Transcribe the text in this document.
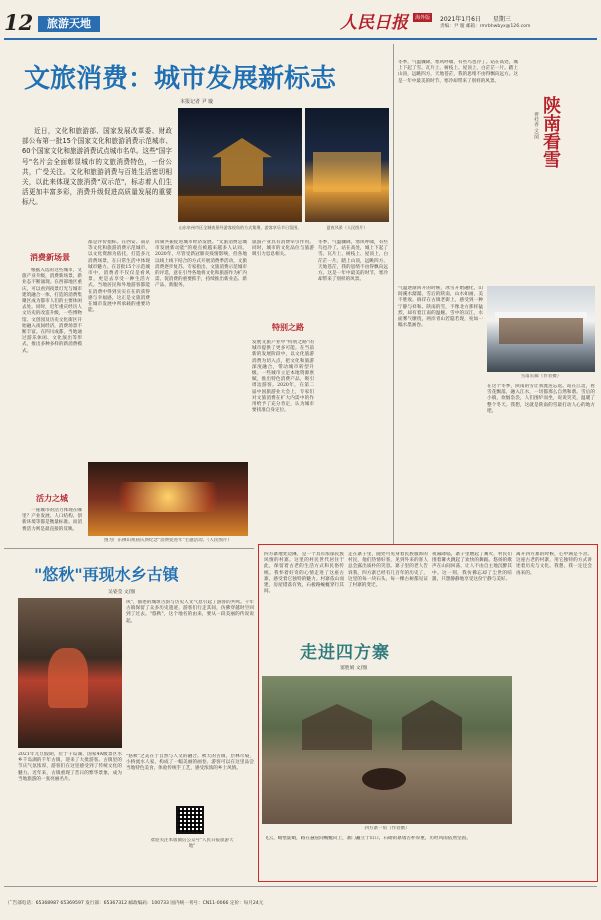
12	旅游天地	人民日报 海外版	2021年1月6日 星期三
责编：尹 璇 邮箱：rmrbhwbyx@126.com
文旅消费：城市发展新标志
本报记者 尹 璇
近日，文化和旅游部、国家发展改革委、财政部公布第一批15个国家文化和旅游消费示范城市、60个国家文化和旅游消费试点城市名单。这些"国字号"名片会全面彰显城市的文旅消费特色，一份公共，广受关注。文化和旅游消费与百姓生活密切相关，以此来体现文旅消费"双示范"，标志着人们生活更加丰富多彩，消费升级促进高质量发展的重要标尺。
山东泉州市区全城夜景经游客视角的方式集聚，游客享乐节日氛围。	夏夜风景（人民图片）
消费新场景
根据入选的这些城市，文旅产业升级，消费新场景、新业态不断涌现。在西部地区重庆，可以看到夜景灯光与城市建筑融合一体，打造的消费集聚区成为都市人们的主要休闲去处。同时，近年重庆经历人文历史的改造升级，一些博物馆、文创园及历史文化街区开始融入夜间经济，消费场景不断丰富。在四川成都，当地通过游乐休闲、文化演出等形式，推出多种多样的新消费模式。
活力之城
一座城市的活力体现在哪里？产业发展、人口结构、创新环境等都是衡量标准。而消费活力则是最直接的反映。
都是评价指标。在西安、南京等文化和旅游消费示范城市，以文化资源为依托，打造多元消费场景，在日常生活中体现城市魅力。在首批15个示范城市中，消费者不仅仅是看风景，更是去享受一种生活方式。当地居民和外地游客都能在消费中得到实实在在的获得感与幸福感，这正是文旅消费在城市发展中所承载的重要功能。
同频共振促进城市经济发展。"文旅消费是城市发展新动能"的观点被越来越多人认同。2020年，尽管受新冠肺炎疫情影响，但各地以线上线下结合的方式开展消费季活动，文旅消费逐步复苏。专家指出，文旅消费示范城市的评选，意在引导各地将文化和旅游作为扩内需、促消费的重要抓手，持续推出新业态、新产品、新服务。
图为广东佛山祖庙庆典纪念"消费促进年"主题活动。（人民图片）
旅游产业具有消费牵引作用。同时，城市的文化品位与旅游吸引力息息相关。
特别之路
发展文旅产业中"特别之路"的城市提供了更多可能。在当前新的发展阶段中，以文化旅游消费为切入点，把文化和旅游深度融合，带动城市转型升级。一些城市立足本地资源禀赋，推出特色消费产品，吸引周边游客。2020年，在第二届中国旅游业大会上，专家们对文旅消费在扩大内需中的作用给予了充分肯定，认为城市要找准自身定位。
冬季，气温骤降，寒风呼啸，有些鸟也冷了。站在高处，城上下起了雪。瓦片上、树枝上、屋顶上，白茫茫一片。踏上山顶，远眺四方，天地苍茫，我的思绪不由得飘向远方。这是一年中最美的时节，寒冷却带来了别样的风景。
冬季，气温骤降，寒风呼啸，有些鸟也冷了。站在高处，城上下起了雪。瓦片上、树枝上、屋顶上，白茫茫一片。踏上山顶，远眺四方，天地苍茫，我的思绪不由得飘向远方。这是一年中最美的时节，寒冷却带来了别样的风景。
陕南看雪
曹桂香 文/图
雪落长廊（作者摄）
气温逐渐回升的时候，冰雪开始融化，山间溪水潺潺。雪后的陕南，山水如画，美不胜收。徜徉在古镇老街上，感受到一种宁静与祥和。陕南的雪，不像北方那样猛烈，却有着江南的温婉。雪中的汉江，水面雾气缭绕，两岸青山若隐若现，宛如一幅水墨画卷。
在这个冬季，陕南的雪让我流连忘返。站在江边，看雪花飘落，融入江水，一切都那么自然和谐。雪后的小镇，炊烟袅袅，人们围炉而坐，说说笑笑，温暖了整个冬天。我想，这就是陕南的雪最打动人心的地方吧。
"悠秋"再现水乡古镇
吴姿莹 文/图
2021年元旦假期，位于千岛湖、国家4A级景区水乡千岛湖的千年古镇，迎来了大批游客。古镇里的节庆气氛浓厚，游客们在这里感受到了传统文化的魅力。近年来，古镇重现了昔日的繁华景象，成为当地旅游的一张亮丽名片。
风"，描述的城垣古韵与历史人文气息引起了游客的共鸣。千年古镇保留了众多历史遗迹，游客们行走其间，仿佛穿越时空回到了过去。"悠秋"，这个地名的由来，要从一段美丽的传说说起。
"悠秋"之美在于自然与人文的融合。秋天的古镇，层林尽染，小桥流水人家，构成了一幅美丽的画卷。游客可以在这里品尝当地特色美食，体验传统手工艺，感受浓浓的乡土风情。
欢迎关注本版微信公众号"人民日报旅游天地"
四方寨地处边陲，是一个具有浓郁民族风情的村寨。这里的村民世代居住于此，保留着古老的生活方式和民俗传统。我怀着好奇的心情走进了这座古寨，感受着它独特的魅力。村寨依山而建，房屋错落有致，石板路蜿蜒穿行其间。
走在寨子里，随处可见身着民族服饰的村民，他们热情好客，见到外来的客人总会露出质朴的笑容。寨子里的老人告诉我，四方寨已经有几百年的历史了，这里的每一块石头、每一棵古树都见证了村寨的变迁。
夜幕降临，寨子里燃起了篝火，村民们围着篝火跳起了欢快的舞蹈。悠扬的歌声在山间回荡，让人不由自主地沉醉其中。这一刻，我仿佛忘却了尘世的喧嚣，只想静静地享受这份宁静与美好。
离开四方寨的时候，心中满是不舍。这座古老的村寨，用它独特的方式讲述着历史与文化。我想，我一定还会再来的。
走进四方寨
窦胜娟 文/图
四方寨一角（作者摄）
飞云，峭壁陡峭，路在悬崖间蜿蜒向上，寨门矗立于山口，石砌的寨墙古朴厚重，历经风雨依然坚固。
广告部电话：65368987 65369597 发行部：65367312 邮政编码：100733 国内统一刊号：CN11-0066 定价：每月24元
